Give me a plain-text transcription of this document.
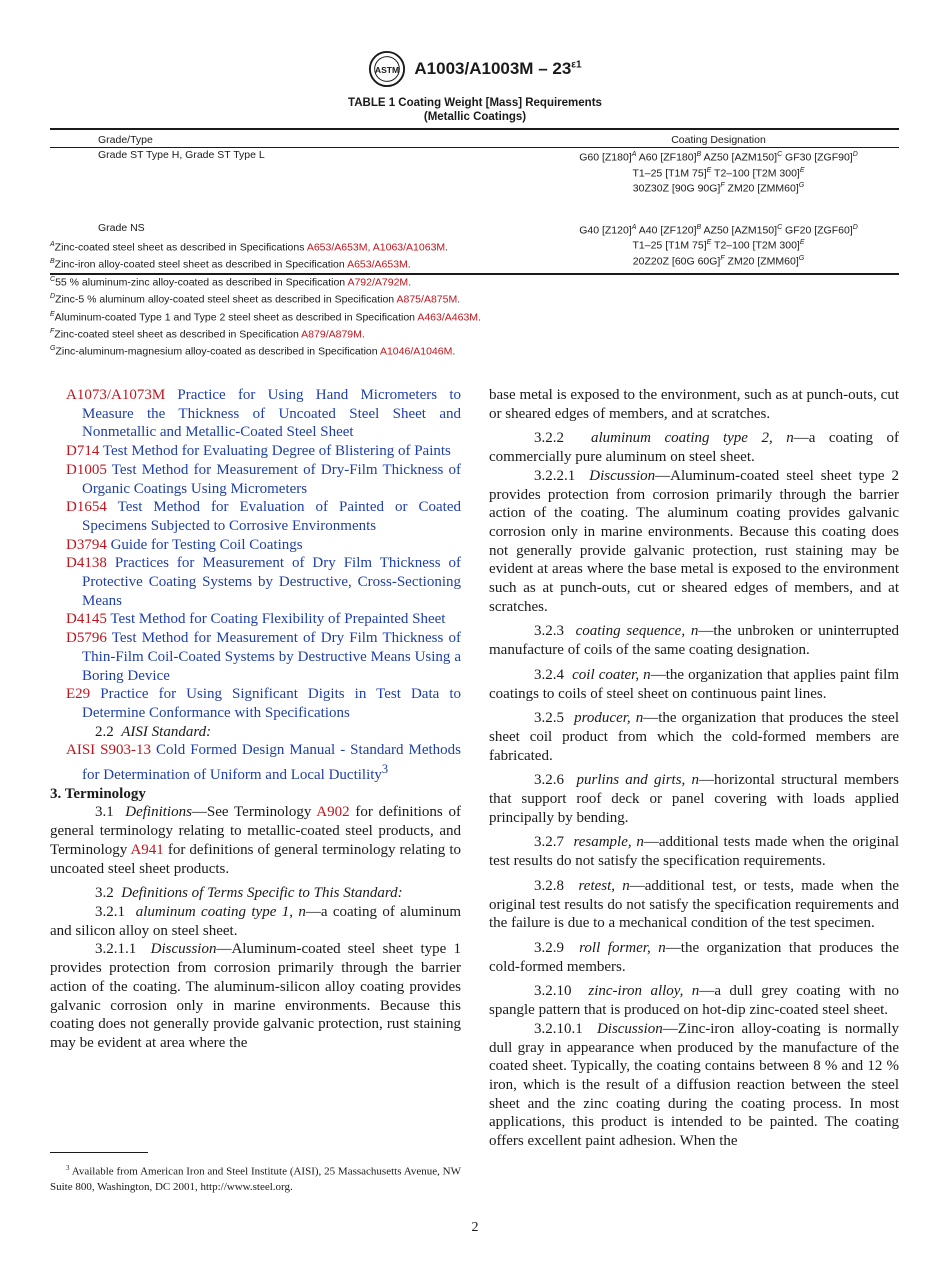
ASTM $A1003/A1003M - 23^{\varepsilon 1}$
TABLE 1 Coating Weight [Mass] Requirements
(Metallic Coatings)
Grade/Type	Coating Designation
Grade ST Type H, Grade ST Type L	G60 $[Z180]^A$ A60 $[ZF180]^B$ AZ50 $[AZM150]^C$ GF30 $[ZGF90]^D$
T1–25 [T1M 75]$^E$ T2–100 [T2M 300]$^E$
30Z30Z [90G 90G]$^F$ ZM20 $[ZMM60]^G$
Grade NS	G40 $[Z120]^A$ A40 $[ZF120]^B$ AZ50 $[AZM150]^C$ GF20 $[ZGF60]^D$
T1–25 [T1M 75]$^E$ T2–100 [T2M 300]$^E$
20Z20Z [60G 60G]$^F$ ZM20 $[ZMM60]^G$
$^A$Zinc-coated steel sheet as described in Specifications A653/A653M, A1063/A1063M.
$^B$Zinc-iron alloy-coated steel sheet as described in Specification A653/A653M.
$^C$55 % aluminum-zinc alloy-coated as described in Specification A792/A792M.
$^D$Zinc-5 % aluminum alloy-coated steel sheet as described in Specification A875/A875M.
$^E$Aluminum-coated Type 1 and Type 2 steel sheet as described in Specification A463/A463M.
$^F$Zinc-coated steel sheet as described in Specification A879/A879M.
$^G$Zinc-aluminum-magnesium alloy-coated as described in Specification A1046/A1046M.
A1073/A1073M Practice for Using Hand Micrometers to Measure the Thickness of Uncoated Steel Sheet and Nonmetallic and Metallic-Coated Steel Sheet
D714 Test Method for Evaluating Degree of Blistering of Paints
D1005 Test Method for Measurement of Dry-Film Thickness of Organic Coatings Using Micrometers
D1654 Test Method for Evaluation of Painted or Coated Specimens Subjected to Corrosive Environments
D3794 Guide for Testing Coil Coatings
D4138 Practices for Measurement of Dry Film Thickness of Protective Coating Systems by Destructive, Cross-Sectioning Means
D4145 Test Method for Coating Flexibility of Prepainted Sheet
D5796 Test Method for Measurement of Dry Film Thickness of Thin-Film Coil-Coated Systems by Destructive Means Using a Boring Device
E29 Practice for Using Significant Digits in Test Data to Determine Conformance with Specifications

2.2 AISI Standard:

AISI S903-13 Cold Formed Design Manual - Standard Methods for Determination of Uniform and Local Ductility$^3$

3. Terminology

3.1 Definitions—See Terminology A902 for definitions of general terminology relating to metallic-coated steel products, and Terminology A941 for definitions of general terminology relating to uncoated steel sheet products.

3.2 Definitions of Terms Specific to This Standard:

3.2.1 aluminum coating type 1, n—a coating of aluminum and silicon alloy on steel sheet.

3.2.1.1 Discussion—Aluminum-coated steel sheet type 1 provides protection from corrosion primarily through the barrier action of the coating. The aluminum-silicon alloy coating provides galvanic corrosion only in marine environments. Because this coating does not generally provide galvanic protection, rust staining may be evident at area where the

base metal is exposed to the environment, such as at punch-outs, cut or sheared edges of members, and at scratches.

3.2.2 aluminum coating type 2, n—a coating of commercially pure aluminum on steel sheet.

3.2.2.1 Discussion—Aluminum-coated steel sheet type 2 provides protection from corrosion primarily through the barrier action of the coating. The aluminum coating provides galvanic corrosion only in marine environments. Because this coating does not generally provide galvanic protection, rust staining may be evident at areas where the base metal is exposed to the environment such as at punch-outs, cut or sheared edges of members, and at scratches.

3.2.3 coating sequence, n—the unbroken or uninterrupted manufacture of coils of the same coating designation.

3.2.4 coil coater, n—the organization that applies paint film coatings to coils of steel sheet on continuous paint lines.

3.2.5 producer, n—the organization that produces the steel sheet coil product from which the cold-formed members are fabricated.

3.2.6 purlins and girts, n—horizontal structural members that support roof deck or panel covering with loads applied principally by bending.

3.2.7 resample, n—additional tests made when the original test results do not satisfy the specification requirements.

3.2.8 retest, n—additional test, or tests, made when the original test results do not satisfy the specification requirements and the failure is due to a mechanical condition of the test specimen.

3.2.9 roll former, n—the organization that produces the cold-formed members.

3.2.10 zinc-iron alloy, n—a dull grey coating with no spangle pattern that is produced on hot-dip zinc-coated steel sheet.

3.2.10.1 Discussion—Zinc-iron alloy-coating is normally dull gray in appearance when produced by the manufacture of the coated sheet. Typically, the coating contains between 8 % and 12 % iron, which is the result of a diffusion reaction between the steel sheet and the zinc coating during the coating process. In most applications, this product is intended to be painted. The coating offers excellent paint adhesion. When the

$^3$ Available from American Iron and Steel Institute (AISI), 25 Massachusetts Avenue, NW Suite 800, Washington, DC 2001, http://www.steel.org.
2
